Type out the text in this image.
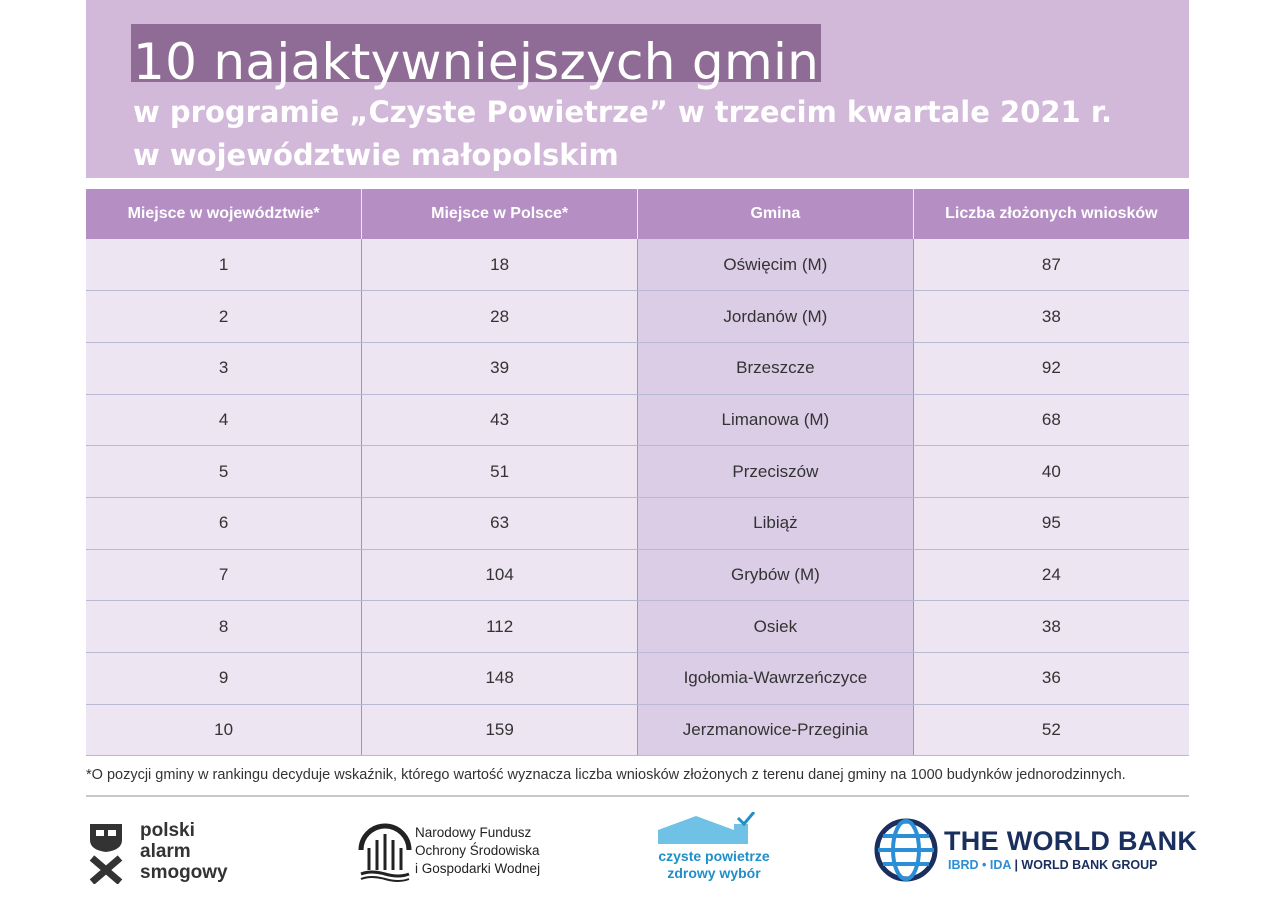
10 najaktywniejszych gmin
w programie „Czyste Powietrze” w trzecim kwartale 2021 r.
w województwie małopolskim
Miejsce w województwie*	Miejsce w Polsce*	Gmina	Liczba złożonych wniosków
1	18	Oświęcim (M)	87
2	28	Jordanów (M)	38
3	39	Brzeszcze	92
4	43	Limanowa (M)	68
5	51	Przeciszów	40
6	63	Libiąż	95
7	104	Grybów (M)	24
8	112	Osiek	38
9	148	Igołomia-Wawrzeńczyce	36
10	159	Jerzmanowice-Przeginia	52
*O pozycji gminy w rankingu decyduje wskaźnik, którego wartość wyznacza liczba wniosków złożonych z terenu danej gminy na 1000 budynków jednorodzinnych.
polski
alarm
smogowy
Narodowy Fundusz
Ochrony Środowiska
i Gospodarki Wodnej
czyste powietrze
zdrowy wybór
THE WORLD BANK
IBRD • IDA | WORLD BANK GROUP
